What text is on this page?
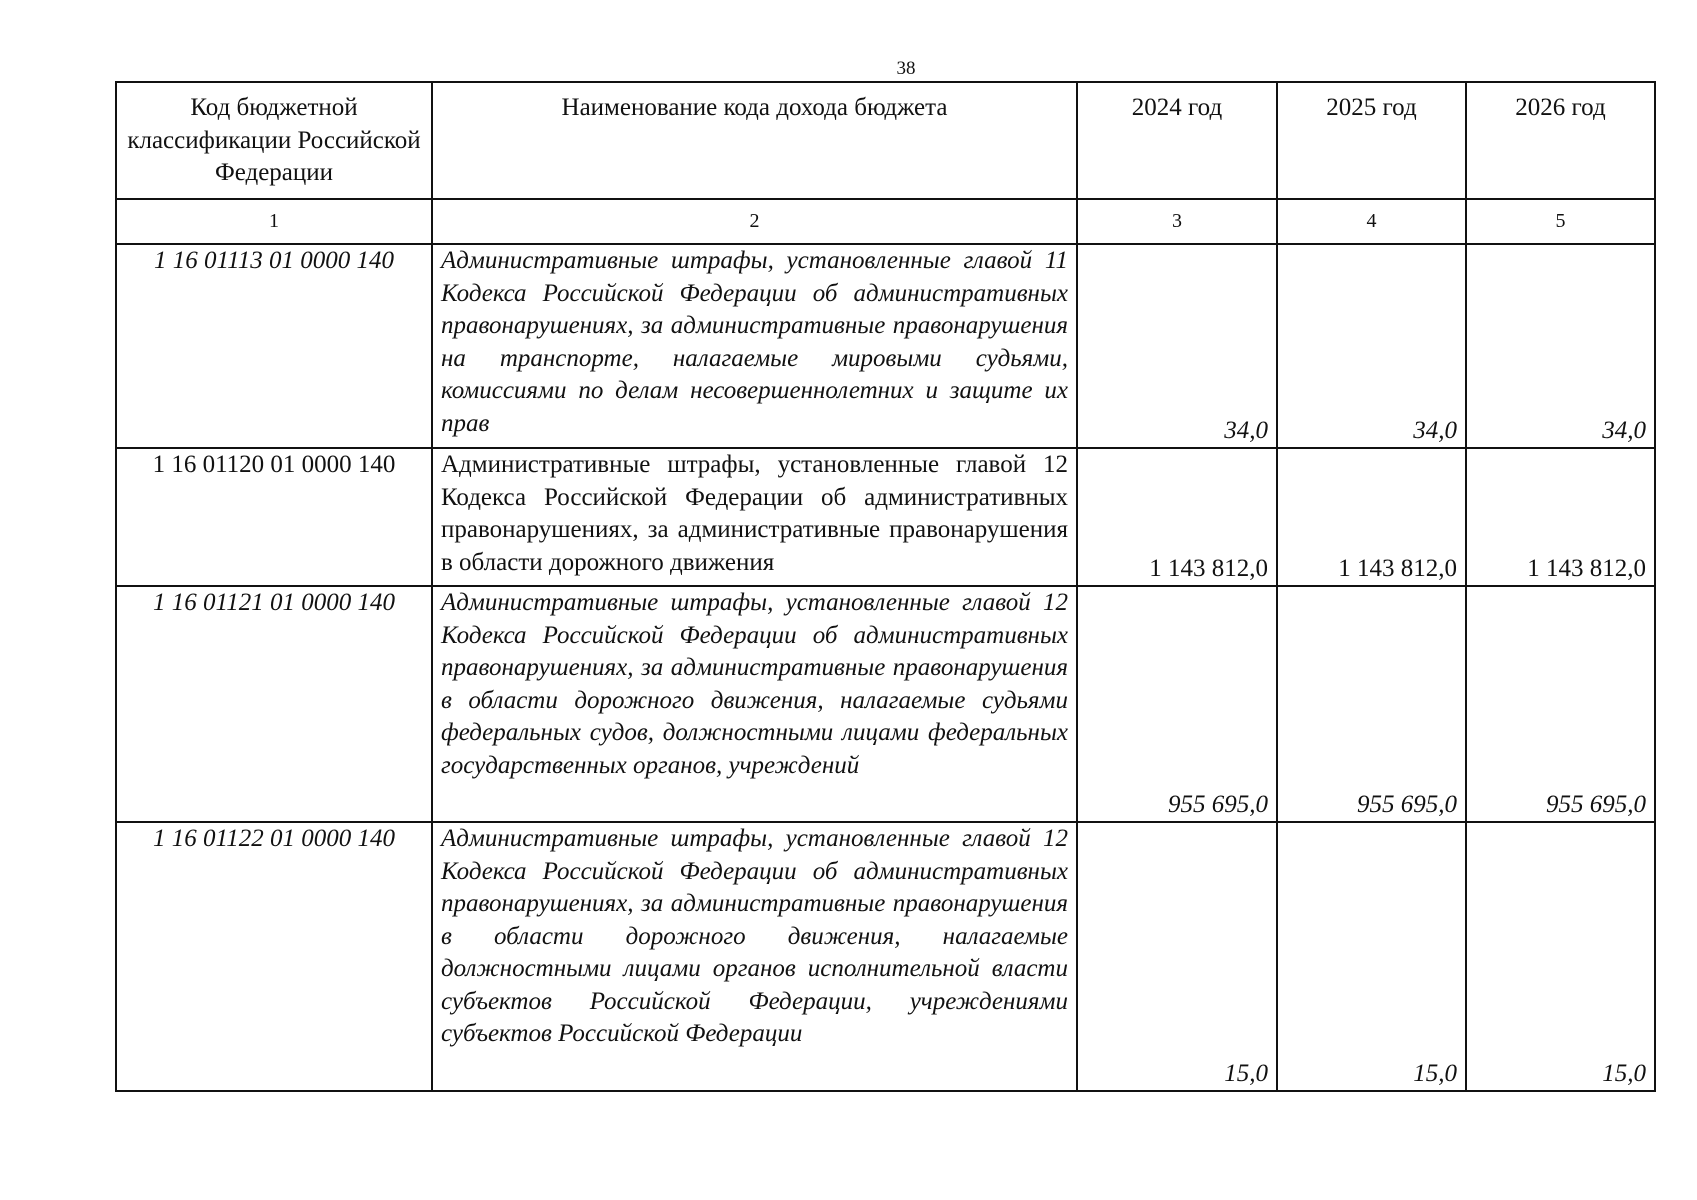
38
Код бюджетной классификации Российской Федерации	Наименование кода дохода бюджета	2024 год	2025 год	2026 год
1	2	3	4	5
1 16 01113 01 0000 140	Административные штрафы, установленные главой 11 Кодекса Российской Федерации об административных правонарушениях, за административные правонарушения на транспорте, налагаемые мировыми судьями, комиссиями по делам несовершеннолетних и защите их прав	34,0	34,0	34,0
1 16 01120 01 0000 140	Административные штрафы, установленные главой 12 Кодекса Российской Федерации об административных правонарушениях, за административные правонарушения в области дорожного движения	1 143 812,0	1 143 812,0	1 143 812,0
1 16 01121 01 0000 140	Административные штрафы, установленные главой 12 Кодекса Российской Федерации об административных правонарушениях, за административные правонарушения в области дорожного движения, налагаемые судьями федеральных судов, должностными лицами федеральных государственных органов, учреждений	955 695,0	955 695,0	955 695,0
1 16 01122 01 0000 140	Административные штрафы, установленные главой 12 Кодекса Российской Федерации об административных правонарушениях, за административные правонарушения в области дорожного движения, налагаемые должностными лицами органов исполнительной власти субъектов Российской Федерации, учреждениями субъектов Российской Федерации	15,0	15,0	15,0
